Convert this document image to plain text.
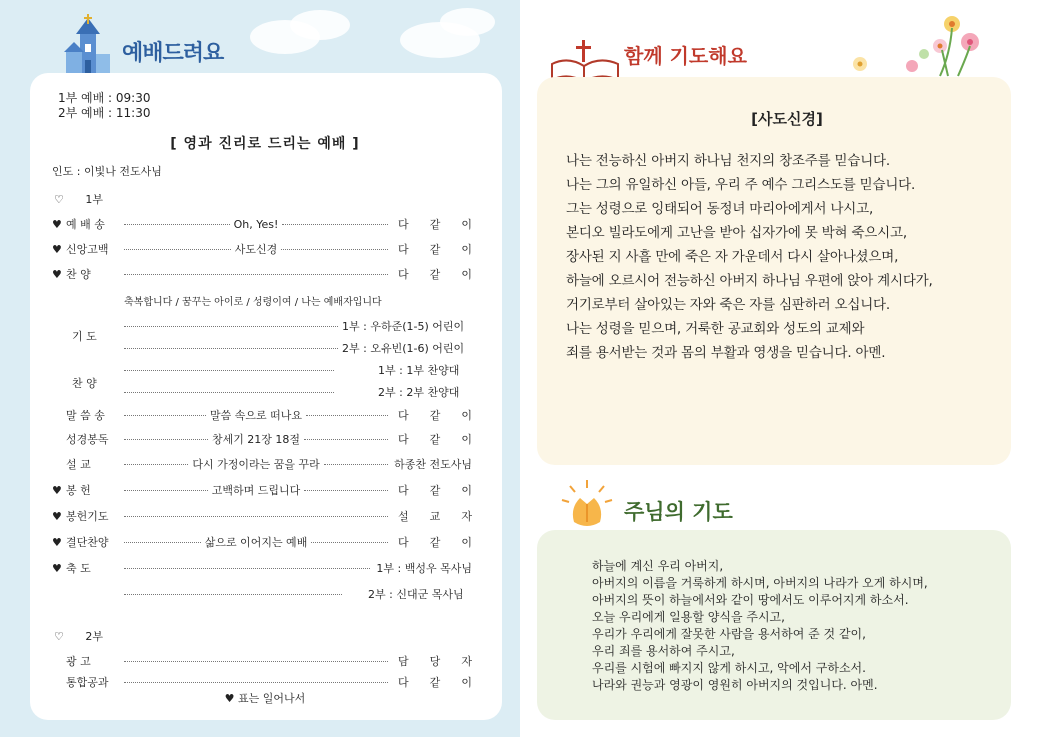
예배드려요
1부 예배 : 09:30
2부 예배 : 11:30
[ 영과 진리로 드리는 예배 ]
인도 : 이빛나 전도사님
♡ 1부
♥ 예 배 송	Oh, Yes!	다 같 이
♥ 신앙고백	사도신경	다 같 이
♥ 찬 양	다 같 이
축복합니다 / 꿈꾸는 아이로 / 성령이여 / 나는 예배자입니다
기 도
1부 : 우하준(1-5) 어린이
2부 : 오유빈(1-6) 어린이
찬 양
1부 : 1부 찬양대
2부 : 2부 찬양대
말 씀 송	말씀 속으로 떠나요	다 같 이
성경봉독	창세기 21장 18절	다 같 이
설 교	다시 가정이라는 꿈을 꾸라	하종찬 전도사님
♥ 봉 헌	고백하며 드립니다	다 같 이
♥ 봉헌기도	설 교 자
♥ 결단찬양	삶으로 이어지는 예배	다 같 이
♥ 축 도	1부 : 백성우 목사님
2부 : 신대군 목사님
♡ 2부
광 고	담 당 자
통합공과	다 같 이
♥ 표는 일어나서
함께 기도해요
[사도신경]
나는 전능하신 아버지 하나님 천지의 창조주를 믿습니다.
나는 그의 유일하신 아들, 우리 주 예수 그리스도를 믿습니다.
그는 성령으로 잉태되어 동정녀 마리아에게서 나시고,
본디오 빌라도에게 고난을 받아 십자가에 못 박혀 죽으시고,
장사된 지 사흘 만에 죽은 자 가운데서 다시 살아나셨으며,
하늘에 오르시어 전능하신 아버지 하나님 우편에 앉아 계시다가,
거기로부터 살아있는 자와 죽은 자를 심판하러 오십니다.
나는 성령을 믿으며, 거룩한 공교회와 성도의 교제와
죄를 용서받는 것과 몸의 부활과 영생을 믿습니다. 아멘.
주님의 기도
하늘에 계신 우리 아버지,
아버지의 이름을 거룩하게 하시며, 아버지의 나라가 오게 하시며,
아버지의 뜻이 하늘에서와 같이 땅에서도 이루어지게 하소서.
오늘 우리에게 일용할 양식을 주시고,
우리가 우리에게 잘못한 사람을 용서하여 준 것 같이,
우리 죄를 용서하여 주시고,
우리를 시험에 빠지지 않게 하시고, 악에서 구하소서.
나라와 권능과 영광이 영원히 아버지의 것입니다. 아멘.
